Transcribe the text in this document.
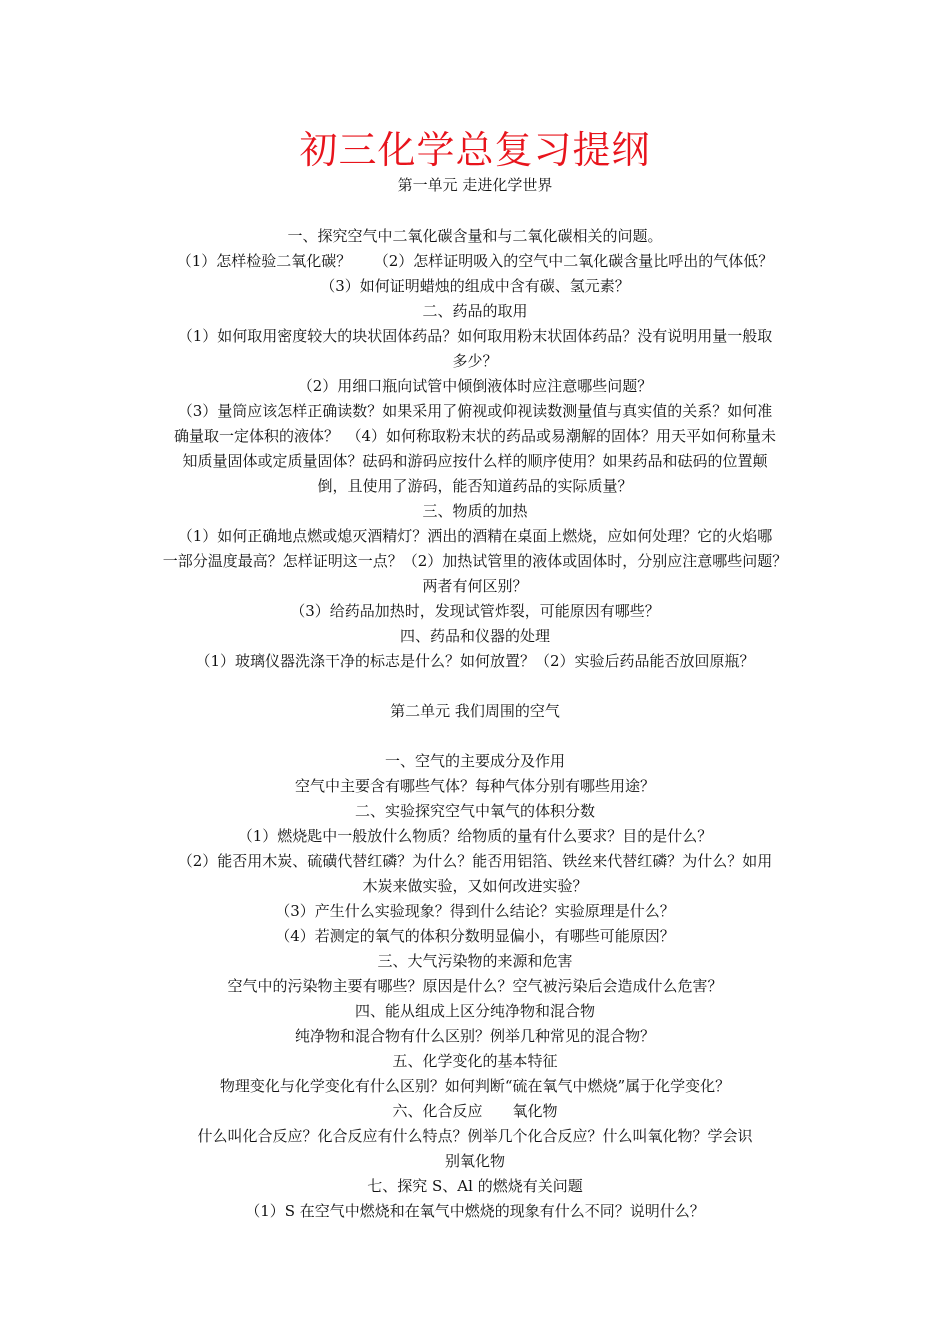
初三化学总复习提纲
第一单元 走进化学世界
一、探究空气中二氧化碳含量和与二氧化碳相关的问题。
（1）怎样检验二氧化碳？　　（2）怎样证明吸入的空气中二氧化碳含量比呼出的气体低？
（3）如何证明蜡烛的组成中含有碳、氢元素？
二、药品的取用
（1）如何取用密度较大的块状固体药品？如何取用粉末状固体药品？没有说明用量一般取
多少？
（2）用细口瓶向试管中倾倒液体时应注意哪些问题？
（3）量筒应该怎样正确读数？如果采用了俯视或仰视读数测量值与真实值的关系？如何准
确量取一定体积的液体？　（4）如何称取粉末状的药品或易潮解的固体？用天平如何称量未
知质量固体或定质量固体？砝码和游码应按什么样的顺序使用？如果药品和砝码的位置颠
倒，且使用了游码，能否知道药品的实际质量？
三、物质的加热
（1）如何正确地点燃或熄灭酒精灯？洒出的酒精在桌面上燃烧，应如何处理？它的火焰哪
一部分温度最高？怎样证明这一点？（2）加热试管里的液体或固体时，分别应注意哪些问题？
两者有何区别？
（3）给药品加热时，发现试管炸裂，可能原因有哪些？
四、药品和仪器的处理
（1）玻璃仪器洗涤干净的标志是什么？如何放置？（2）实验后药品能否放回原瓶？
第二单元 我们周围的空气
一、空气的主要成分及作用
空气中主要含有哪些气体？每种气体分别有哪些用途？
二、实验探究空气中氧气的体积分数
（1）燃烧匙中一般放什么物质？给物质的量有什么要求？目的是什么？
（2）能否用木炭、硫磺代替红磷？为什么？能否用铝箔、铁丝来代替红磷？为什么？如用
木炭来做实验，又如何改进实验？
（3）产生什么实验现象？得到什么结论？实验原理是什么？
（4）若测定的氧气的体积分数明显偏小，有哪些可能原因？
三、大气污染物的来源和危害
空气中的污染物主要有哪些？原因是什么？空气被污染后会造成什么危害？
四、能从组成上区分纯净物和混合物
纯净物和混合物有什么区别？例举几种常见的混合物？
五、化学变化的基本特征
物理变化与化学变化有什么区别？如何判断“硫在氧气中燃烧”属于化学变化？
六、化合反应　　氧化物
什么叫化合反应？化合反应有什么特点？例举几个化合反应？什么叫氧化物？学会识
别氧化物
七、探究 S、Al 的燃烧有关问题
（1）S 在空气中燃烧和在氧气中燃烧的现象有什么不同？说明什么？
